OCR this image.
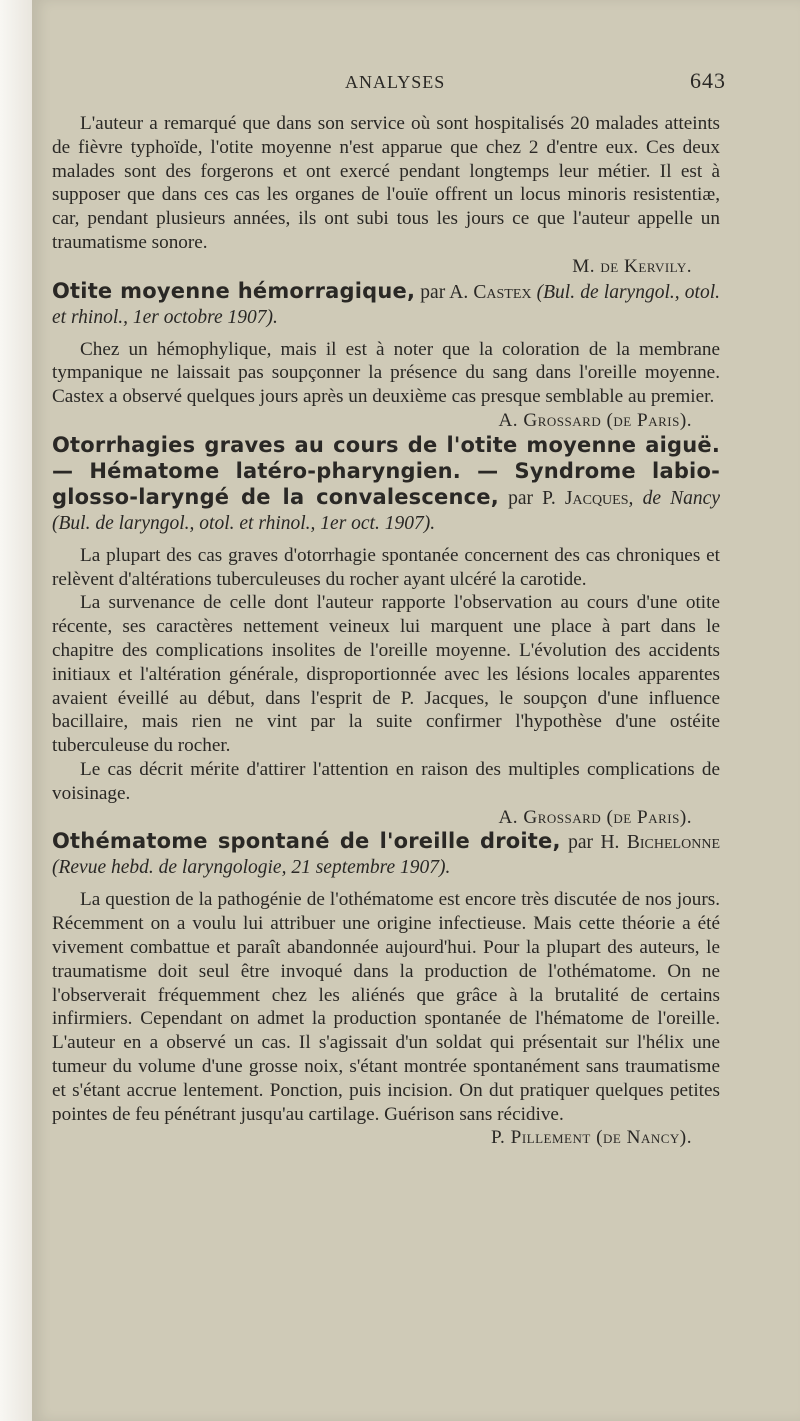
ANALYSES	643

L'auteur a remarqué que dans son service où sont hospitalisés 20 malades atteints de fièvre typhoïde, l'otite moyenne n'est apparue que chez 2 d'entre eux. Ces deux malades sont des forgerons et ont exercé pendant longtemps leur métier. Il est à supposer que dans ces cas les organes de l'ouïe offrent un locus minoris resistentiæ, car, pendant plusieurs années, ils ont subi tous les jours ce que l'auteur appelle un traumatisme sonore.

M. de Kervily.

Otite moyenne hémorragique, par A. Castex (Bul. de laryngol., otol. et rhinol., 1er octobre 1907).

Chez un hémophylique, mais il est à noter que la coloration de la membrane tympanique ne laissait pas soupçonner la présence du sang dans l'oreille moyenne. Castex a observé quelques jours après un deuxième cas presque semblable au premier.

A. Grossard (de Paris).

Otorrhagies graves au cours de l'otite moyenne aiguë. — Hématome latéro-pharyngien. — Syndrome labio-glosso-laryngé de la convalescence, par P. Jacques, de Nancy (Bul. de laryngol., otol. et rhinol., 1er oct. 1907).

La plupart des cas graves d'otorrhagie spontanée concernent des cas chroniques et relèvent d'altérations tuberculeuses du rocher ayant ulcéré la carotide.

La survenance de celle dont l'auteur rapporte l'observation au cours d'une otite récente, ses caractères nettement veineux lui marquent une place à part dans le chapitre des complications insolites de l'oreille moyenne. L'évolution des accidents initiaux et l'altération générale, disproportionnée avec les lésions locales apparentes avaient éveillé au début, dans l'esprit de P. Jacques, le soupçon d'une influence bacillaire, mais rien ne vint par la suite confirmer l'hypothèse d'une ostéite tuberculeuse du rocher.

Le cas décrit mérite d'attirer l'attention en raison des multiples complications de voisinage.

A. Grossard (de Paris).

Othématome spontané de l'oreille droite, par H. Bichelonne (Revue hebd. de laryngologie, 21 septembre 1907).

La question de la pathogénie de l'othématome est encore très discutée de nos jours. Récemment on a voulu lui attribuer une origine infectieuse. Mais cette théorie a été vivement combattue et paraît abandonnée aujourd'hui. Pour la plupart des auteurs, le traumatisme doit seul être invoqué dans la production de l'othématome. On ne l'observerait fréquemment chez les aliénés que grâce à la brutalité de certains infirmiers. Cependant on admet la production spontanée de l'hématome de l'oreille. L'auteur en a observé un cas. Il s'agissait d'un soldat qui présentait sur l'hélix une tumeur du volume d'une grosse noix, s'étant montrée spontanément sans traumatisme et s'étant accrue lentement. Ponction, puis incision. On dut pratiquer quelques petites pointes de feu pénétrant jusqu'au cartilage. Guérison sans récidive.

P. Pillement (de Nancy).
